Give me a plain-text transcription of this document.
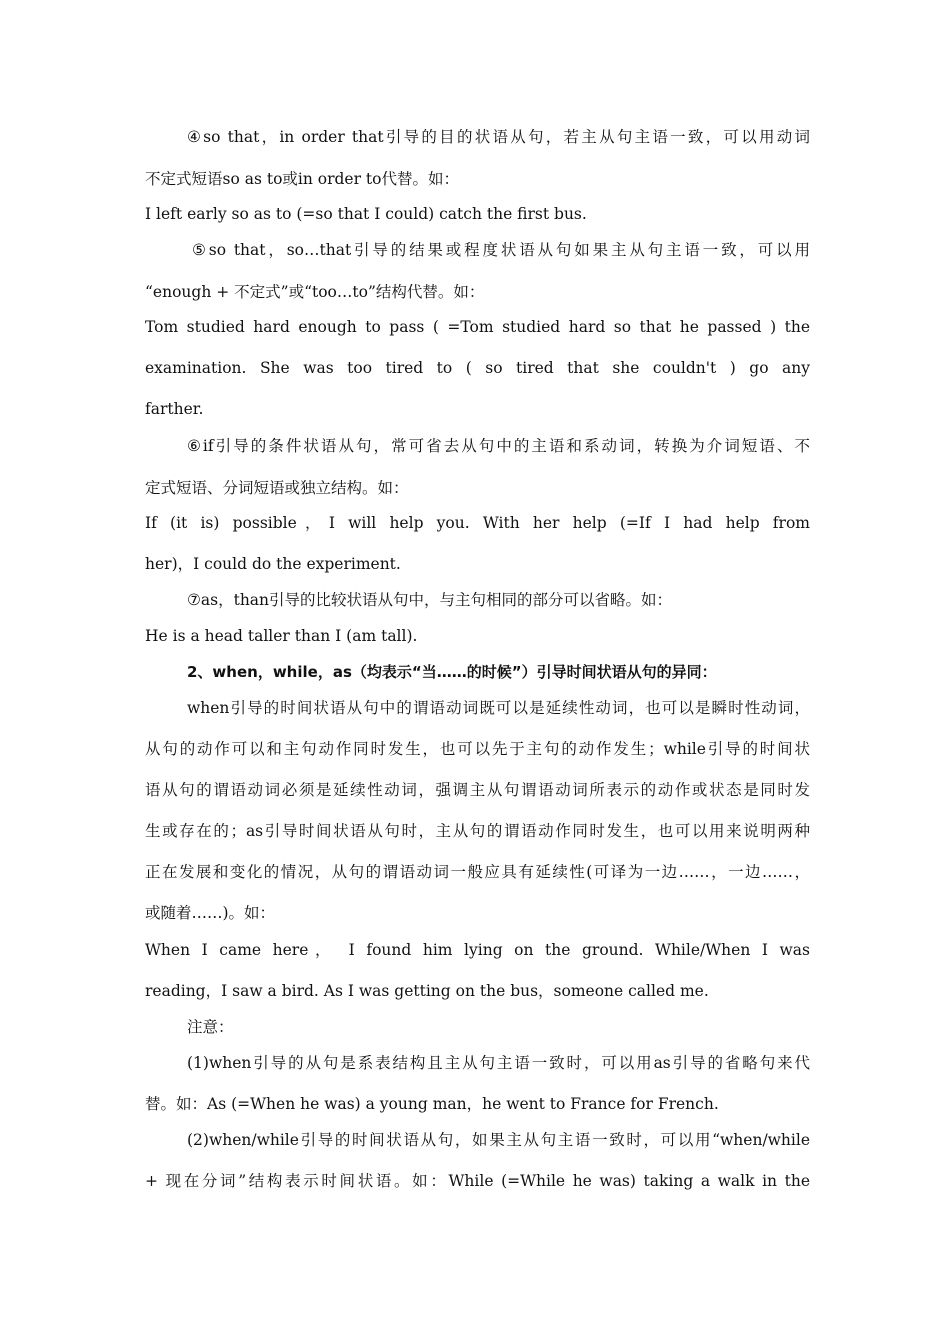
④so that，in order that引导的目的状语从句，若主从句主语一致，可以用动词
不定式短语so as to或in order to代替。如：
I left early so as to (=so that I could) catch the first bus.
⑤so that，so…that引导的结果或程度状语从句如果主从句主语一致，可以用
“enough + 不定式”或“too…to”结构代替。如：
Tom studied hard enough to pass ( =Tom studied hard so that he passed ) the
examination. She was too tired to ( so tired that she couldn't ) go any
farther.
⑥if引导的条件状语从句，常可省去从句中的主语和系动词，转换为介词短语、不
定式短语、分词短语或独立结构。如：
If (it is) possible，I will help you. With her help (=If I had help from
her)，I could do the experiment.
⑦as，than引导的比较状语从句中，与主句相同的部分可以省略。如：
He is a head taller than I (am tall).
2、when，while，as（均表示“当……的时候”）引导时间状语从句的异同：
when引导的时间状语从句中的谓语动词既可以是延续性动词，也可以是瞬时性动词，
从句的动作可以和主句动作同时发生，也可以先于主句的动作发生；while引导的时间状
语从句的谓语动词必须是延续性动词，强调主从句谓语动词所表示的动作或状态是同时发
生或存在的；as引导时间状语从句时，主从句的谓语动作同时发生，也可以用来说明两种
正在发展和变化的情况，从句的谓语动词一般应具有延续性(可译为一边……，一边……，
或随着……)。如：
When I came here， I found him lying on the ground. While/When I was
reading，I saw a bird. As I was getting on the bus，someone called me.
注意：
(1)when引导的从句是系表结构且主从句主语一致时，可以用as引导的省略句来代
替。如：As (=When he was) a young man，he went to France for French.
(2)when/while引导的时间状语从句，如果主从句主语一致时，可以用“when/while
+ 现在分词”结构表示时间状语。如：While (=While he was) taking a walk in the
